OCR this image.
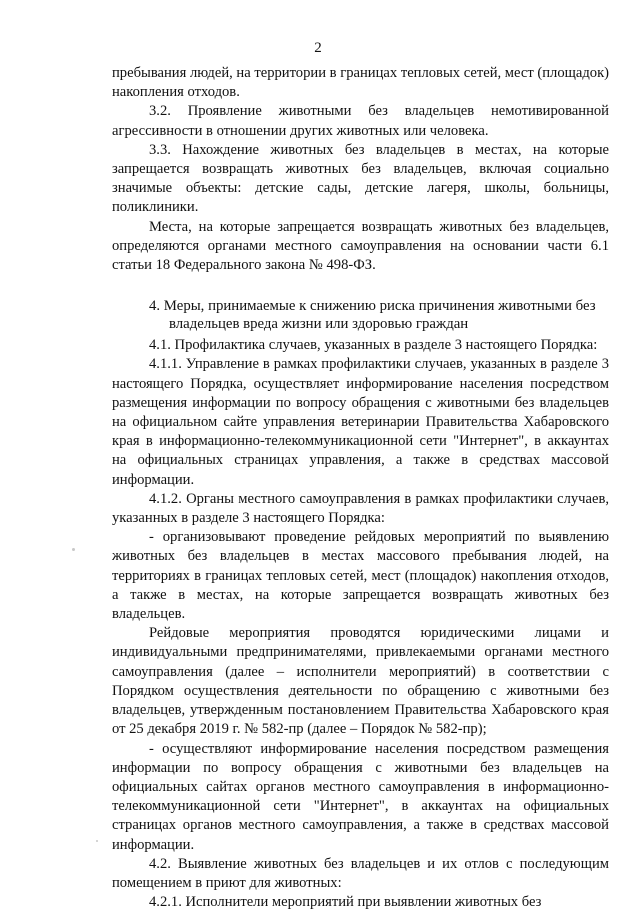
2

пребывания людей, на территории в границах тепловых сетей, мест (площадок) накопления отходов.

3.2. Проявление животными без владельцев немотивированной агрессивности в отношении других животных или человека.

3.3. Нахождение животных без владельцев в местах, на которые запрещается возвращать животных без владельцев, включая социально значимые объекты: детские сады, детские лагеря, школы, больницы, поликлиники.

Места, на которые запрещается возвращать животных без владельцев, определяются органами местного самоуправления на основании части 6.1 статьи 18 Федерального закона № 498-ФЗ.

4. Меры, принимаемые к снижению риска причинения животными без
владельцев вреда жизни или здоровью граждан

4.1. Профилактика случаев, указанных в разделе 3 настоящего Порядка:

4.1.1. Управление в рамках профилактики случаев, указанных в разделе 3 настоящего Порядка, осуществляет информирование населения посредством размещения информации по вопросу обращения с животными без владельцев на официальном сайте управления ветеринарии Правительства Хабаровского края в информационно-телекоммуникационной сети "Интернет", в аккаунтах на официальных страницах управления, а также в средствах массовой информации.

4.1.2. Органы местного самоуправления в рамках профилактики случаев, указанных в разделе 3 настоящего Порядка:

- организовывают проведение рейдовых мероприятий по выявлению животных без владельцев в местах массового пребывания людей, на территориях в границах тепловых сетей, мест (площадок) накопления отходов, а также в местах, на которые запрещается возвращать животных без владельцев.

Рейдовые мероприятия проводятся юридическими лицами и индивидуальными предпринимателями, привлекаемыми органами местного самоуправления (далее – исполнители мероприятий) в соответствии с Порядком осуществления деятельности по обращению с животными без владельцев, утвержденным постановлением Правительства Хабаровского края от 25 декабря 2019 г. № 582-пр (далее – Порядок № 582-пр);

- осуществляют информирование населения посредством размещения информации по вопросу обращения с животными без владельцев на официальных сайтах органов местного самоуправления в информационно-телекоммуникационной сети "Интернет", в аккаунтах на официальных страницах органов местного самоуправления, а также в средствах массовой информации.

4.2. Выявление животных без владельцев и их отлов с последующим помещением в приют для животных:

4.2.1. Исполнители мероприятий при выявлении животных без
